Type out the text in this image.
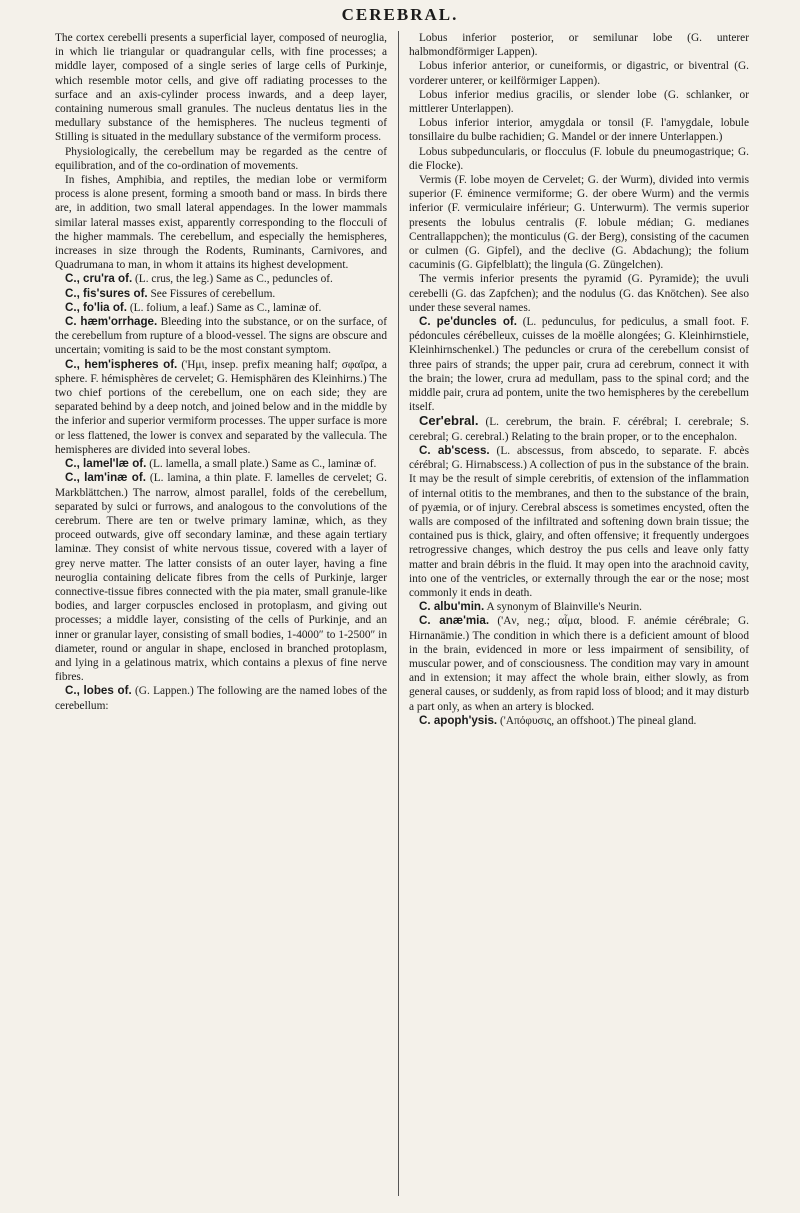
CEREBRAL.

The cortex cerebelli presents a superficial layer, composed of neuroglia, in which lie triangular or quadrangular cells, with fine processes; a middle layer, composed of a single series of large cells of Purkinje, which resemble motor cells, and give off radiating processes to the surface and an axis-cylinder process inwards, and a deep layer, containing numerous small granules. The nucleus dentatus lies in the medullary substance of the hemispheres. The nucleus tegmenti of Stilling is situated in the medullary substance of the vermiform process.

Physiologically, the cerebellum may be regarded as the centre of equilibration, and of the co-ordination of movements.

In fishes, Amphibia, and reptiles, the median lobe or vermiform process is alone present, forming a smooth band or mass. In birds there are, in addition, two small lateral appendages. In the lower mammals similar lateral masses exist, apparently corresponding to the flocculi of the higher mammals. The cerebellum, and especially the hemispheres, increases in size through the Rodents, Ruminants, Carnivores, and Quadrumana to man, in whom it attains its highest development.

C., cru'ra of. (L. crus, the leg.) Same as C., peduncles of.

C., fis'sures of. See Fissures of cerebellum.

C., fo'lia of. (L. folium, a leaf.) Same as C., laminæ of.

C. hæm'orrhage. Bleeding into the substance, or on the surface, of the cerebellum from rupture of a blood-vessel. The signs are obscure and uncertain; vomiting is said to be the most constant symptom.

C., hem'ispheres of. ('Ημι, insep. prefix meaning half; σφαῖρα, a sphere. F. hémisphères de cervelet; G. Hemisphären des Kleinhirns.) The two chief portions of the cerebellum, one on each side; they are separated behind by a deep notch, and joined below and in the middle by the inferior and superior vermiform processes. The upper surface is more or less flattened, the lower is convex and separated by the vallecula. The hemispheres are divided into several lobes.

C., lamel'læ of. (L. lamella, a small plate.) Same as C., laminæ of.

C., lam'inæ of. (L. lamina, a thin plate. F. lamelles de cervelet; G. Markblättchen.) The narrow, almost parallel, folds of the cerebellum, separated by sulci or furrows, and analogous to the convolutions of the cerebrum. There are ten or twelve primary laminæ, which, as they proceed outwards, give off secondary laminæ, and these again tertiary laminæ. They consist of white nervous tissue, covered with a layer of grey nerve matter. The latter consists of an outer layer, having a fine neuroglia containing delicate fibres from the cells of Purkinje, larger connective-tissue fibres connected with the pia mater, small granule-like bodies, and larger corpuscles enclosed in protoplasm, and giving out processes; a middle layer, consisting of the cells of Purkinje, and an inner or granular layer, consisting of small bodies, 1-4000″ to 1-2500″ in diameter, round or angular in shape, enclosed in branched protoplasm, and lying in a gelatinous matrix, which contains a plexus of fine nerve fibres.

C., lobes of. (G. Lappen.) The following are the named lobes of the cerebellum:

Lobus inferior posterior, or semilunar lobe (G. unterer halbmondförmiger Lappen).

Lobus inferior anterior, or cuneiformis, or digastric, or biventral (G. vorderer unterer, or keilförmiger Lappen).

Lobus inferior medius gracilis, or slender lobe (G. schlanker, or mittlerer Unterlappen).

Lobus inferior interior, amygdala or tonsil (F. l'amygdale, lobule tonsillaire du bulbe rachidien; G. Mandel or der innere Unterlappen.)

Lobus subpeduncularis, or flocculus (F. lobule du pneumogastrique; G. die Flocke).

Vermis (F. lobe moyen de Cervelet; G. der Wurm), divided into vermis superior (F. éminence vermiforme; G. der obere Wurm) and the vermis inferior (F. vermiculaire inférieur; G. Unterwurm). The vermis superior presents the lobulus centralis (F. lobule médian; G. medianes Centrallappchen); the monticulus (G. der Berg), consisting of the cacumen or culmen (G. Gipfel), and the declive (G. Abdachung); the folium cacuminis (G. Gipfelblatt); the lingula (G. Züngelchen).

The vermis inferior presents the pyramid (G. Pyramide); the uvuli cerebelli (G. das Zapfchen); and the nodulus (G. das Knötchen). See also under these several names.

C. pe'duncles of. (L. pedunculus, for pediculus, a small foot. F. pédoncules cérébelleux, cuisses de la moëlle alongées; G. Kleinhirnstiele, Kleinhirnschenkel.) The peduncles or crura of the cerebellum consist of three pairs of strands; the upper pair, crura ad cerebrum, connect it with the brain; the lower, crura ad medullam, pass to the spinal cord; and the middle pair, crura ad pontem, unite the two hemispheres by the cerebellum itself.

Cer'ebral. (L. cerebrum, the brain. F. cérébral; I. cerebrale; S. cerebral; G. cerebral.) Relating to the brain proper, or to the encephalon.

C. ab'scess. (L. abscessus, from abscedo, to separate. F. abcès cérébral; G. Hirnabscess.) A collection of pus in the substance of the brain. It may be the result of simple cerebritis, of extension of the inflammation of internal otitis to the membranes, and then to the substance of the brain, of pyæmia, or of injury. Cerebral abscess is sometimes encysted, often the walls are composed of the infiltrated and softening down brain tissue; the contained pus is thick, glairy, and often offensive; it frequently undergoes retrogressive changes, which destroy the pus cells and leave only fatty matter and brain débris in the fluid. It may open into the arachnoid cavity, into one of the ventricles, or externally through the ear or the nose; most commonly it ends in death.

C. albu'min. A synonym of Blainville's Neurin.

C. anæ'mia. ('Aν, neg.; αἷμα, blood. F. anémie cérébrale; G. Hirnanämie.) The condition in which there is a deficient amount of blood in the brain, evidenced in more or less impairment of sensibility, of muscular power, and of consciousness. The condition may vary in amount and in extension; it may affect the whole brain, either slowly, as from general causes, or suddenly, as from rapid loss of blood; and it may disturb a part only, as when an artery is blocked.

C. apoph'ysis. ('Aπόφυσις, an offshoot.) The pineal gland.
